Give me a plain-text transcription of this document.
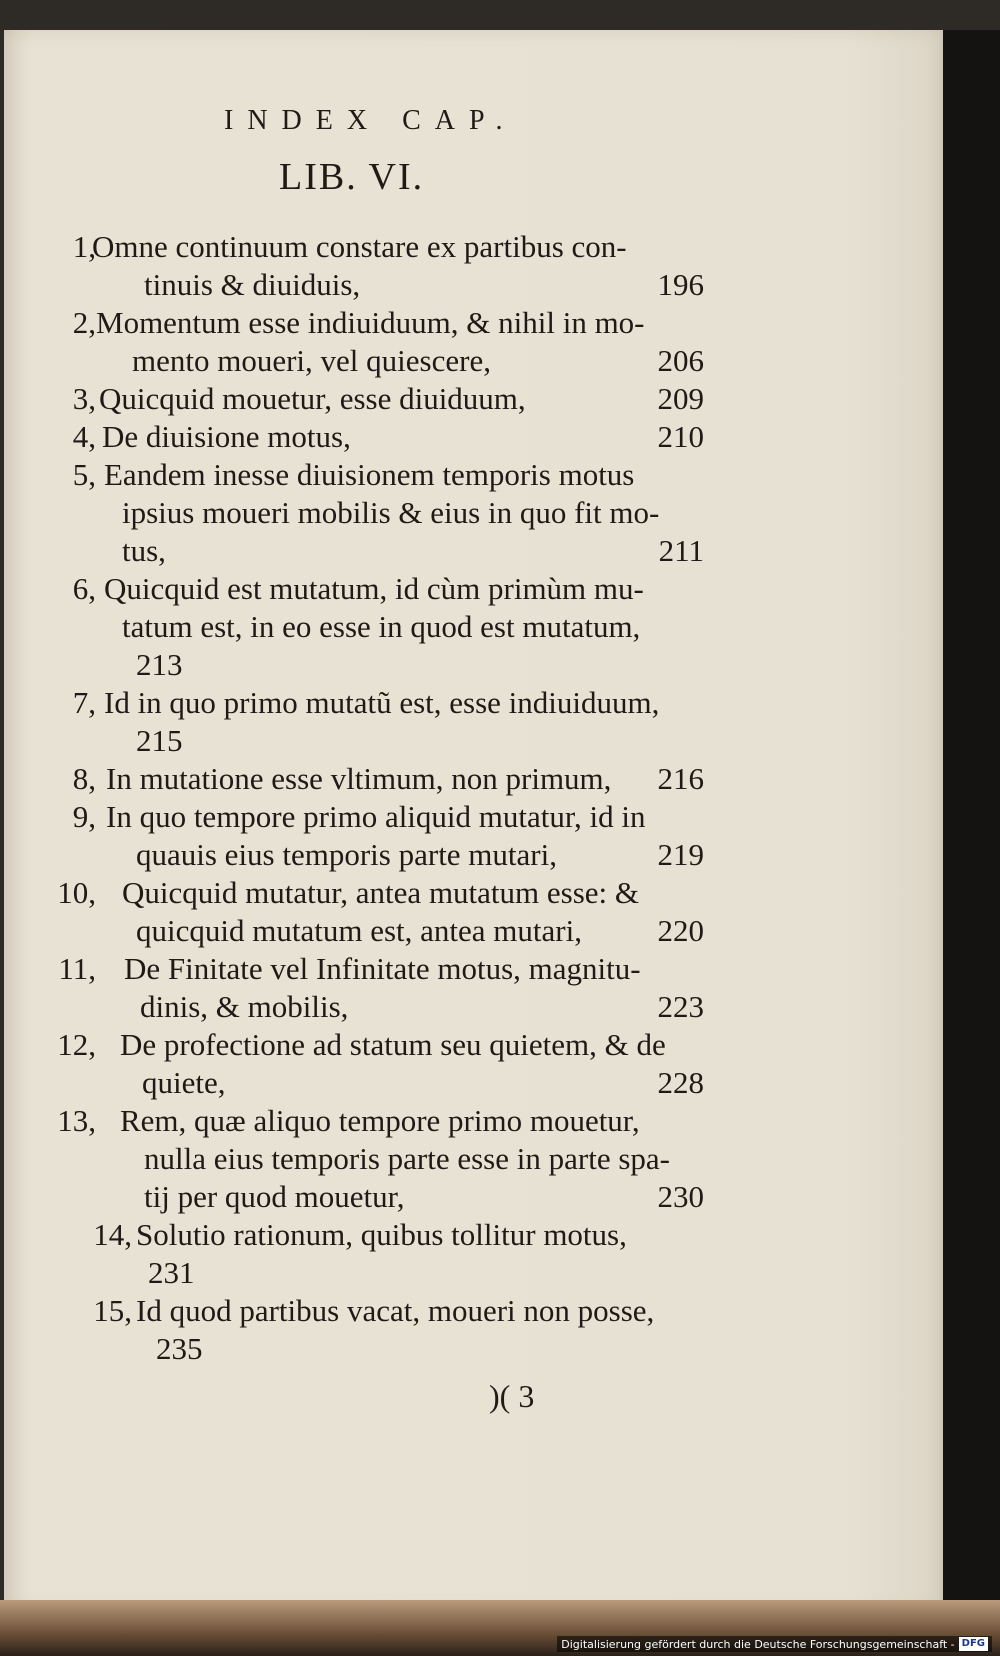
INDEX CAP.
LIB. VI.
1,
Omne continuum constare ex partibus con-
tinuis & diuiduis,	196
2, Momentum esse indiuiduum, & nihil in mo-
mento moueri, vel quiescere,	206
3, Quicquid mouetur, esse diuiduum,	209
4, De diuisione motus,	210
5, Eandem inesse diuisionem temporis motus
ipsius moueri mobilis & eius in quo fit mo-
tus,	211
6, Quicquid est mutatum, id cùm primùm mu-
tatum est, in eo esse in quod est mutatum,
213
7, Id in quo primo mutatũ est, esse indiuiduum,
215
8, In mutatione esse vltimum, non primum, 216
9, In quo tempore primo aliquid mutatur, id in
quauis eius temporis parte mutari,	219
10, Quicquid mutatur, antea mutatum esse: &
quicquid mutatum est, antea mutari, 220
11, De Finitate vel Infinitate motus, magnitu-
dinis, & mobilis,	223
12, De profectione ad statum seu quietem, & de
quiete,	228
13, Rem, quæ aliquo tempore primo mouetur,
nulla eius temporis parte esse in parte spa-
tij per quod mouetur,	230
14, Solutio rationum, quibus tollitur motus,
231
15, Id quod partibus vacat, moueri non posse,
235
)( 3
Digitalisierung gefördert durch die Deutsche Forschungsgemeinschaft - DFG
